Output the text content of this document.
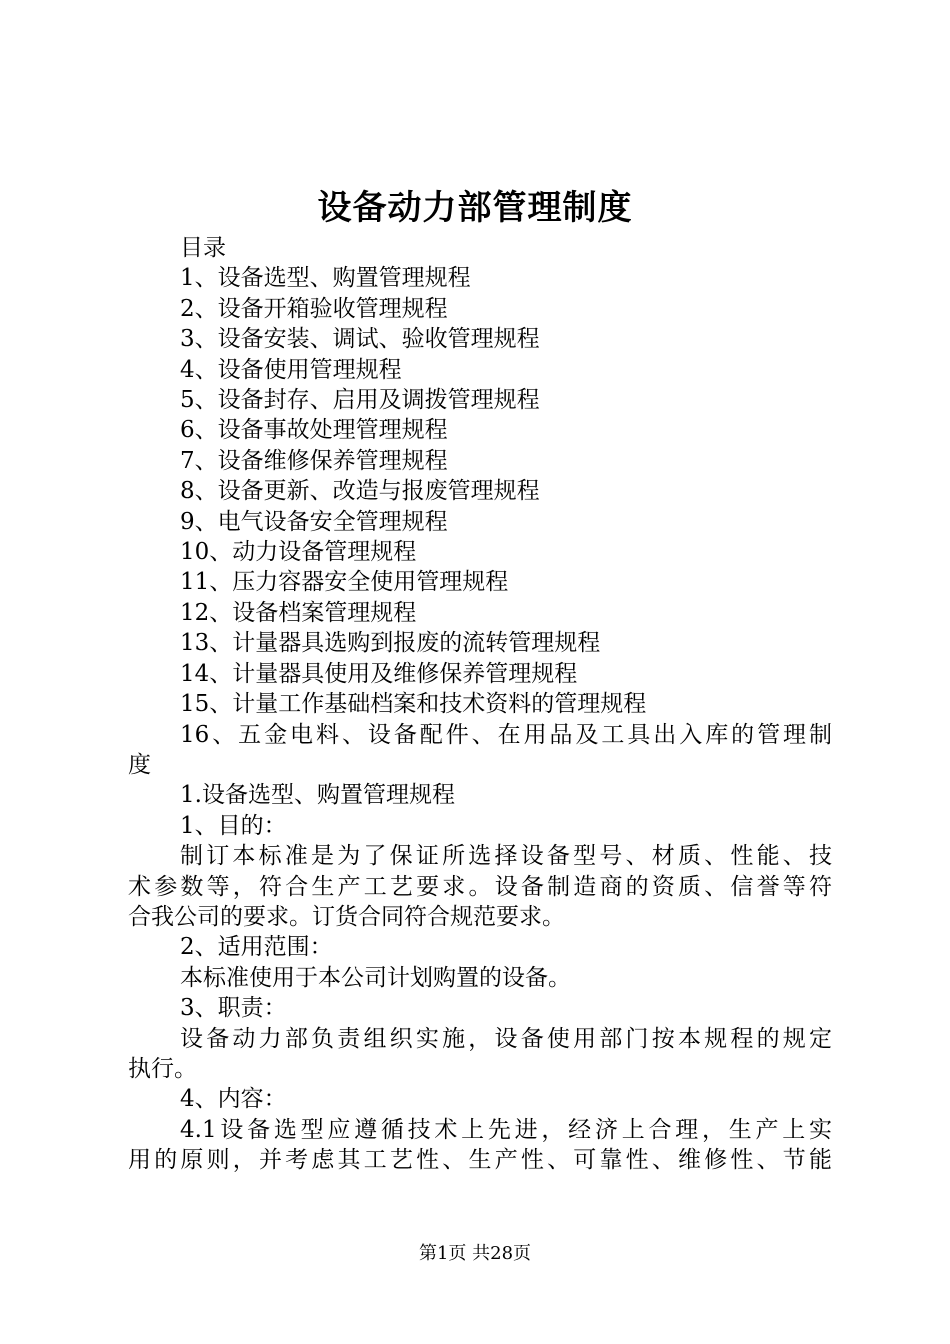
设备动力部管理制度
目录
1、设备选型、购置管理规程
2、设备开箱验收管理规程
3、设备安装、调试、验收管理规程
4、设备使用管理规程
5、设备封存、启用及调拨管理规程
6、设备事故处理管理规程
7、设备维修保养管理规程
8、设备更新、改造与报废管理规程
9、电气设备安全管理规程
10、动力设备管理规程
11、压力容器安全使用管理规程
12、设备档案管理规程
13、计量器具选购到报废的流转管理规程
14、计量器具使用及维修保养管理规程
15、计量工作基础档案和技术资料的管理规程
16、五金电料、设备配件、在用品及工具出入库的管理制
度
1.设备选型、购置管理规程
1、目的：
制订本标准是为了保证所选择设备型号、材质、性能、技
术参数等，符合生产工艺要求。设备制造商的资质、信誉等符
合我公司的要求。订货合同符合规范要求。
2、适用范围：
本标准使用于本公司计划购置的设备。
3、职责：
设备动力部负责组织实施，设备使用部门按本规程的规定
执行。
4、内容：
4.1设备选型应遵循技术上先进，经济上合理，生产上实
用的原则，并考虑其工艺性、生产性、可靠性、维修性、节能
第1页 共28页
